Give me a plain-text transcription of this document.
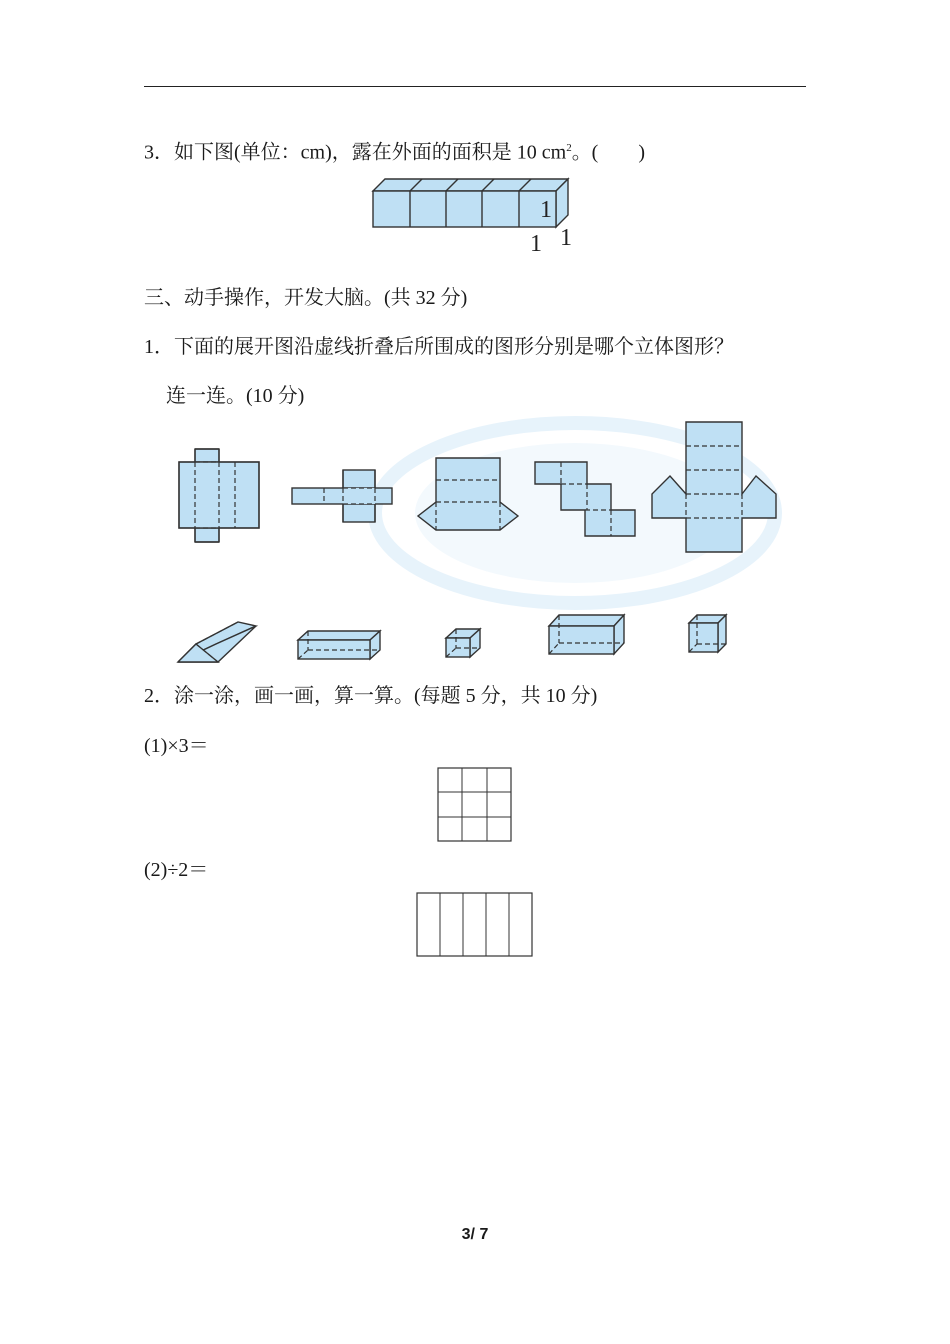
3．如下图(单位：cm)，露在外面的面积是 10 $cm^2$。(　　)
1
1 1
三、动手操作，开发大脑。(共 32 分)
1．下面的展开图沿虚线折叠后所围成的图形分别是哪个立体图形？
连一连。(10 分)
2．涂一涂，画一画，算一算。(每题 5 分，共 10 分)
(1)×3＝
(2)÷2＝
3/ 7
